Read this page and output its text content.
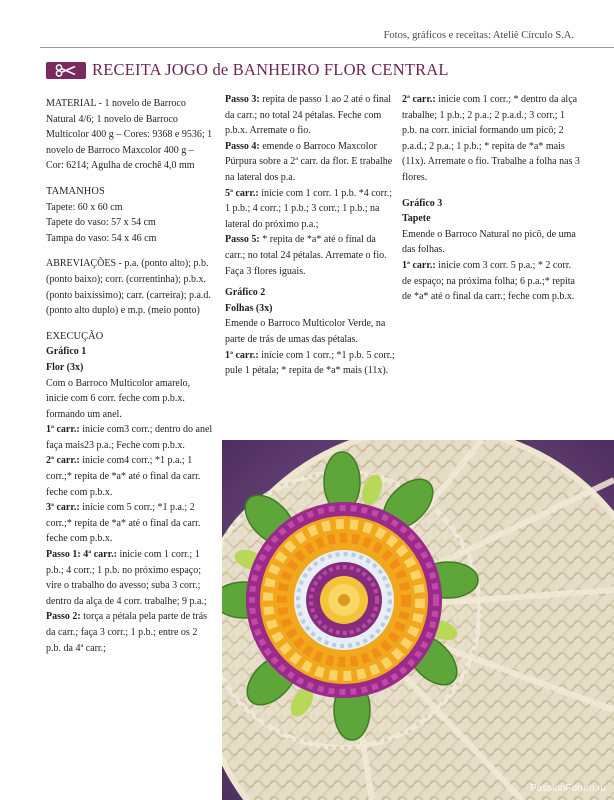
Fotos, gráficos e receitas: Ateliê Círculo S.A.
RECEITA JOGO de BANHEIRO FLOR CENTRAL
MATERIAL - 1 novelo de Barroco Natural 4/6; 1 novelo de Barroco Multicolor 400 g – Cores: 9368 e 9536; 1 novelo de Barroco Maxcolor 400 g – Cor: 6214; Agulha de crochê 4,0 mm
TAMANHOS
Tapete: 60 x 60 cm
Tapete do vaso: 57 x 54 cm
Tampa do vaso: 54 x 46 cm
ABREVIAÇÕES - p.a. (ponto alto); p.b. (ponto baixo); corr. (correntinha); p.b.x. (ponto baixíssimo); carr. (carreira); p.a.d. (ponto alto duplo) e m.p. (meio ponto)
EXECUÇÃO
Gráfico 1
Flor (3x)
Com o Barroco Multicolor amarelo, inicie com 6 corr. feche com p.b.x. formando um anel.
1ª carr.: inicie com3 corr.; dentro do anel faça mais23 p.a.; Feche com p.b.x.
2ª carr.: inicie com4 corr.; *1 p.a.; 1 corr.;* repita de *a* até o final da carr. feche com p.b.x.
3ª carr.: inicie com 5 corr.; *1 p.a.; 2 corr.;* repita de *a* até o final da carr. feche com p.b.x.
Passo 1: 4ª carr.: inicie com 1 corr.; 1 p.b.; 4 corr.; 1 p.b. no próximo espaço; vire o trabalho do avesso; suba 3 corr.; dentro da alça de 4 corr. trabalhe; 9 p.a.;
Passo 2: torça a pétala pela parte de trás da carr.; faça 3 corr.; 1 p.b.; entre os 2 p.b. da 4ª carr.;
Passo 3: repita de passo 1 ao 2 até o final da carr.; no total 24 pétalas. Feche com p.b.x. Arremate o fio.
Passo 4: emende o Barroco Maxcolor Púrpura sobre a 2ª carr. da flor. E trabalhe na lateral dos p.a.
5ª carr.: inicie com 1 corr. 1 p.b. *4 corr.; 1 p.b.; 4 corr.; 1 p.b.; 3 corr.; 1 p.b.; na lateral do próximo p.a.;
Passo 5: * repita de *a* até o final da carr.; no total 24 pétalas. Arremate o fio. Faça 3 flores iguais.
Gráfico 2
Folhas (3x)
Emende o Barroco Multicolor Verde, na parte de trás de umas das pétalas.
1ª carr.: inície com 1 corr.; *1 p.b. 5 corr.; pule 1 pétala; * repita de *a* mais (11x).
2ª carr.: inicie com 1 corr.; * dentro da alça trabalhe; 1 p.b.; 2 p.a.; 2 p.a.d.; 3 corr.; 1 p.b. na corr. inicial formando um picô; 2 p.a.d.; 2 p.a.; 1 p.b.; * repita de *a* mais (11x). Arremate o fio. Trabalhe a folha nas 3 flores.
Gráfico 3
Tapete
Emende o Barroco Natural no picô, de uma das folhas.
1ª carr.: inicie com 3 corr. 5 p.a.; * 2 corr. de espaço; na próxima folha; 6 p.a.;* repita de *a* até o final da carr.; feche com p.b.x.
PassionForum.ru
